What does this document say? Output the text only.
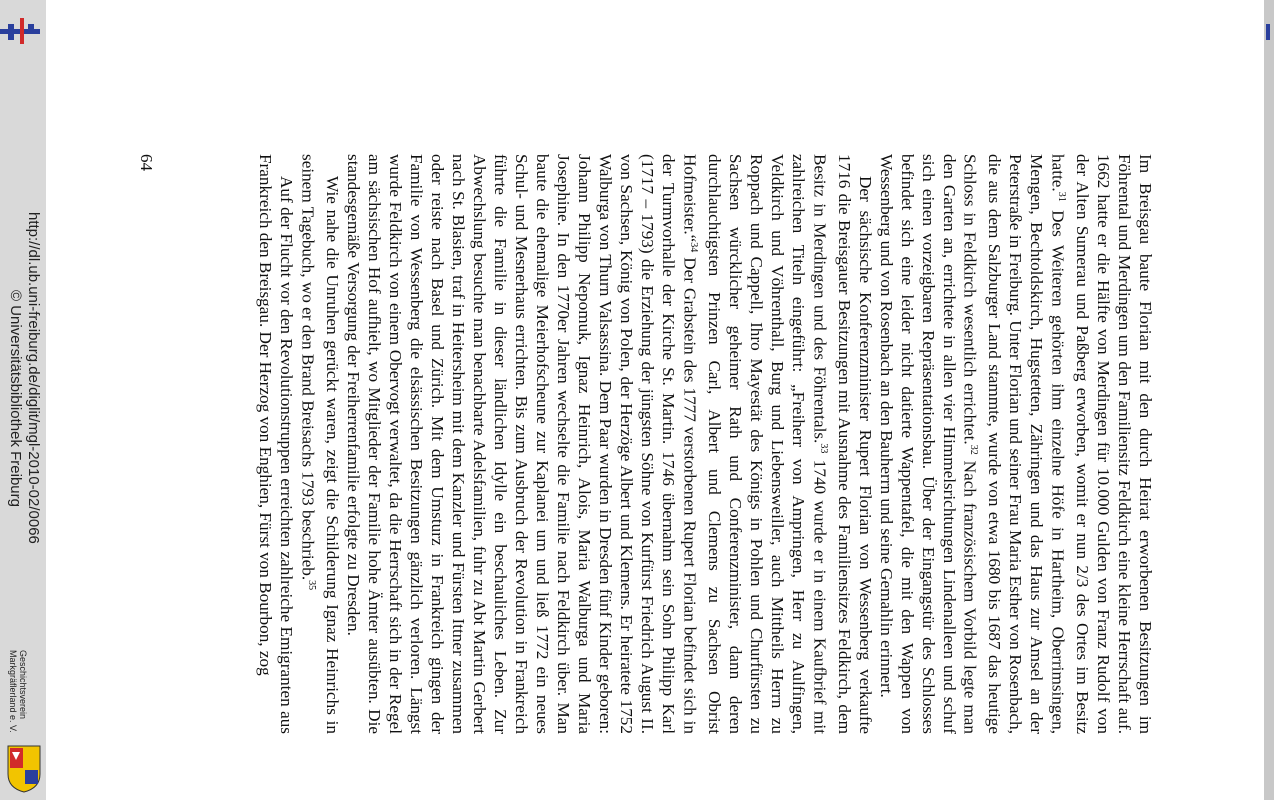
http://dl.ub.uni-freiburg.de/diglit/mgl-2010-02/0066
© Universitätsbibliothek Freiburg
Geschichtsverein
Markgräflerland e. V.	Im Breisgau baute Florian mit den durch Heirat erworbenen Besitzungen im Föhrental und Merdingen um den Familiensitz Feldkirch eine kleine Herrschaft auf. 1662 hatte er die Hälfte von Merdingen für 10.000 Gulden von Franz Rudolf von der Alten Sumerau und Paßberg erworben, womit er nun 2/3 des Ortes im Besitz hatte.$^{31}$ Des Weiteren gehörten ihm einzelne Höfe in Hartheim, Oberrimsingen, Mengen, Bechtoldskirch, Hugstetten, Zähringen und das Haus zur Amsel an der Peterstraße in Freiburg. Unter Florian und seiner Frau Maria Esther von Rosenbach, die aus dem Salzburger Land stammte, wurde von etwa 1680 bis 1687 das heutige Schloss in Feldkirch wesentlich errichtet.$^{32}$ Nach französischem Vorbild legte man den Garten an, errichtete in allen vier Himmelsrichtungen Lindenalleen und schuf sich einen vorzeigbaren Repräsentationsbau. Über der Eingangstür des Schlosses befindet sich eine leider nicht datierte Wappentafel, die mit den Wappen von Wessenberg und von Rosenbach an den Bauherrn und seine Gemahlin erinnert.

Der sächsische Konferenzminister Rupert Florian von Wessenberg verkaufte 1716 die Breisgauer Besitzungen mit Ausnahme des Familiensitzes Feldkirch, dem Besitz in Merdingen und des Föhrentals.$^{33}$ 1740 wurde er in einem Kaufbrief mit zahlreichen Titeln eingeführt: „Freiherr von Ampringen, Herr zu Aulfingen, Veldkirch und Vöhrenthall, Burg und Liebensweiller, auch Mittheils Herrn zu Roppach und Cappell, Ihro Mayestät des Königs in Pohlen und Churfürsten zu Sachsen würcklicher geheimer Rath und Conferenzminister, dann deren durchlauchtigsten Prinzen Carl, Albert und Clemens zu Sachsen Obrist Hofmeister.“$^{34}$ Der Grabstein des 1777 verstorbenen Rupert Florian befindet sich in der Turmvorhalle der Kirche St. Martin. 1746 übernahm sein Sohn Philipp Karl (1717 – 1793) die Erziehung der jüngsten Söhne von Kurfürst Friedrich August II. von Sachsen, König von Polen, der Herzöge Albert und Klemens. Er heiratete 1752 Walburga von Thurn Valsassina. Dem Paar wurden in Dresden fünf Kinder geboren: Johann Philipp Nepomuk, Ignaz Heinrich, Alois, Maria Walburga und Maria Josephine. In den 1770er Jahren wechselte die Familie nach Feldkirch über. Man baute die ehemalige Meierhofscheune zur Kaplanei um und ließ 1772 ein neues Schul- und Mesnerhaus errichten. Bis zum Ausbruch der Revolution in Frankreich führte die Familie in dieser ländlichen Idylle ein beschauliches Leben. Zur Abwechslung besuchte man benachbarte Adelsfamilien, fuhr zu Abt Martin Gerbert nach St. Blasien, traf in Heitersheim mit dem Kanzler und Fürsten Ittner zusammen oder reiste nach Basel und Zürich. Mit dem Umsturz in Frankreich gingen der Familie von Wessenberg die elsässischen Besitzungen gänzlich verloren. Längst wurde Feldkirch von einem Obervogt verwaltet, da die Herrschaft sich in der Regel am sächsischen Hof aufhielt, wo Mitglieder der Familie hohe Ämter ausübten. Die standesgemäße Versorgung der Freiherrenfamilie erfolgte zu Dresden.

Wie nahe die Unruhen gerückt waren, zeigt die Schilderung Ignaz Heinrichs in seinem Tagebuch, wo er den Brand Breisachs 1793 beschrieb.$^{35}$

Auf der Flucht vor den Revolutionstruppen erreichten zahlreiche Emigranten aus Frankreich den Breisgau. Der Herzog von Enghien, Fürst von Bourbon, zog

64
